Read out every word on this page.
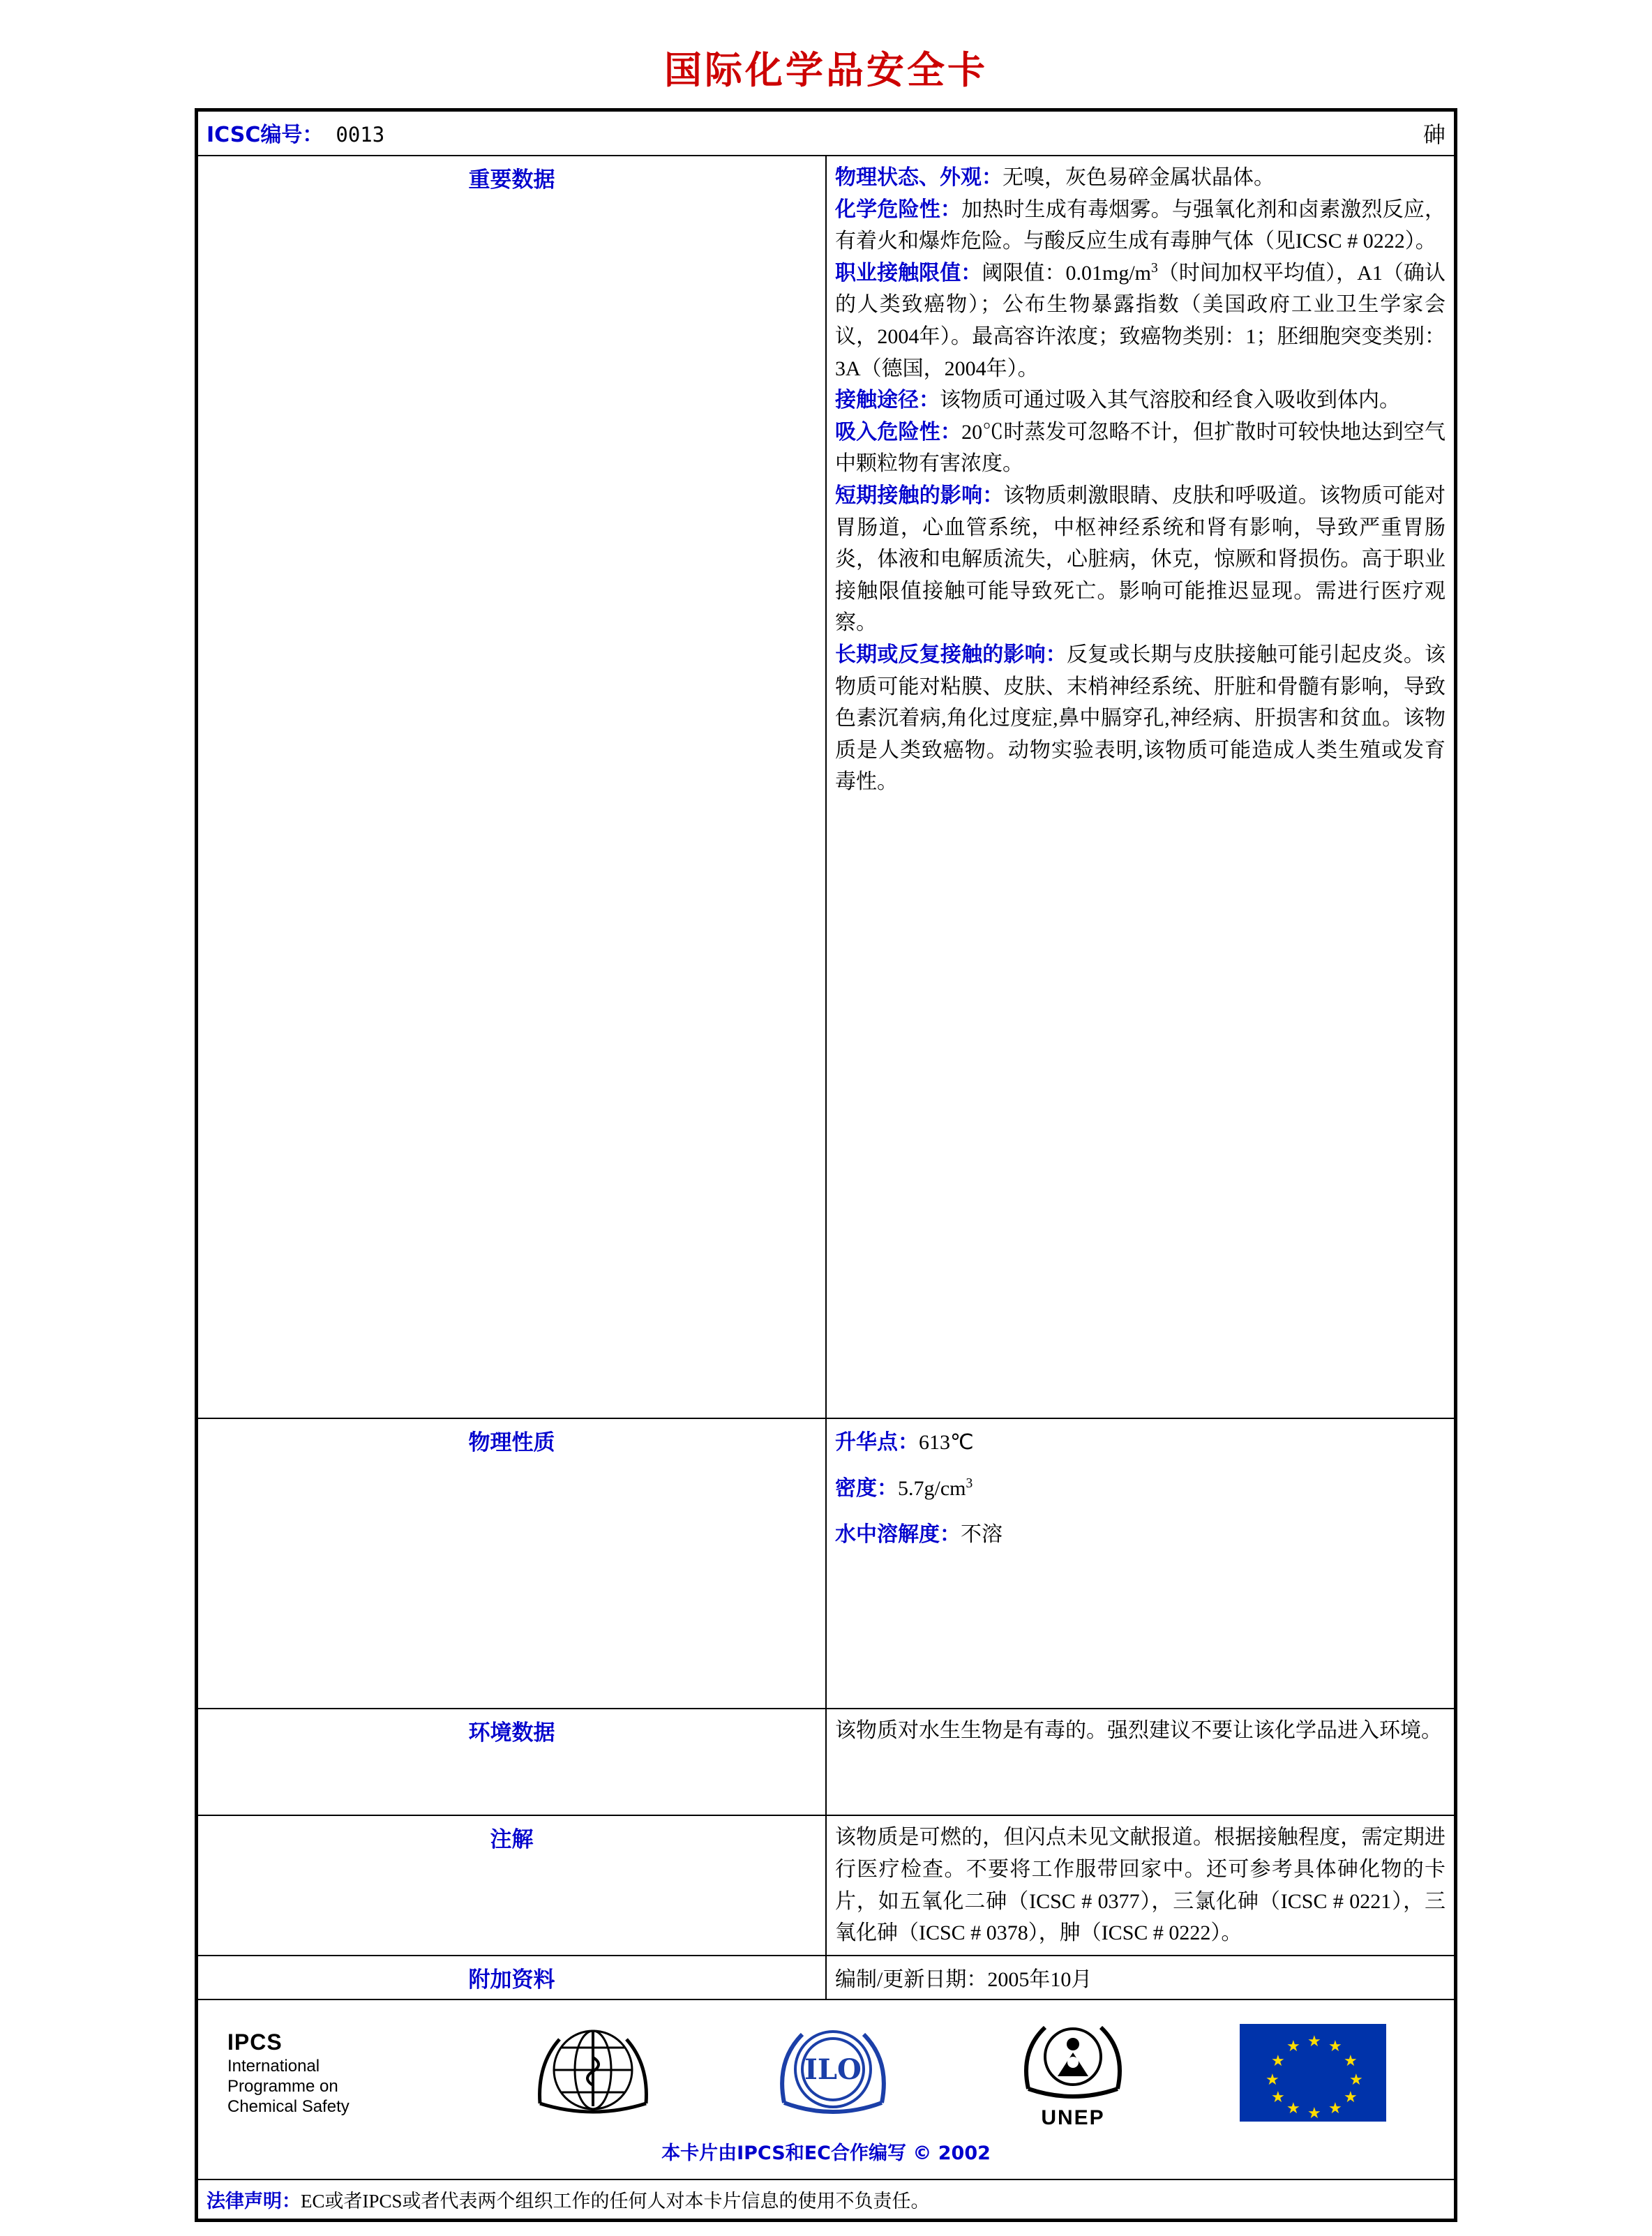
国际化学品安全卡
ICSC编号： 0013 砷	

重要数据	物理状态、外观：无嗅，灰色易碎金属状晶体。
化学危险性：加热时生成有毒烟雾。与强氧化剂和卤素激烈反应，有着火和爆炸危险。与酸反应生成有毒胂气体（见ICSC # 0222）。
职业接触限值：阈限值：$0.01mg/m^3$（时间加权平均值），A1（确认的人类致癌物）；公布生物暴露指数（美国政府工业卫生学家会议，2004年）。最高容许浓度；致癌物类别：1；胚细胞突变类别：3A（德国，2004年）。
接触途径：该物质可通过吸入其气溶胶和经食入吸收到体内。
吸入危险性：20℃时蒸发可忽略不计，但扩散时可较快地达到空气中颗粒物有害浓度。
短期接触的影响：该物质刺激眼睛、皮肤和呼吸道。该物质可能对胃肠道，心血管系统，中枢神经系统和肾有影响，导致严重胃肠炎，体液和电解质流失，心脏病，休克，惊厥和肾损伤。高于职业接触限值接触可能导致死亡。影响可能推迟显现。需进行医疗观察。
长期或反复接触的影响：反复或长期与皮肤接触可能引起皮炎。该物质可能对粘膜、皮肤、末梢神经系统、肝脏和骨髓有影响，导致色素沉着病,角化过度症,鼻中膈穿孔,神经病、肝损害和贫血。该物质是人类致癌物。动物实验表明,该物质可能造成人类生殖或发育毒性。

物理性质	升华点：613℃

密度：$5.7g/cm^3$

水中溶解度：不溶

环境数据	该物质对水生生物是有毒的。强烈建议不要让该化学品进入环境。

注解	该物质是可燃的，但闪点未见文献报道。根据接触程度，需定期进行医疗检查。不要将工作服带回家中。还可参考具体砷化物的卡片，如五氧化二砷（ICSC # 0377），三氯化砷（ICSC # 0221），三氧化砷（ICSC # 0378），胂（ICSC # 0222）。

附加资料	编制/更新日期：2005年10月

IPCS
International
Programme on
Chemical Safety
ILO
UNEP
★
★ ★
★	★
★	★
★	★
★ ★
★
本卡片由IPCS和EC合作编写 © 2002

法律声明：EC或者IPCS或者代表两个组织工作的任何人对本卡片信息的使用不负责任。	
